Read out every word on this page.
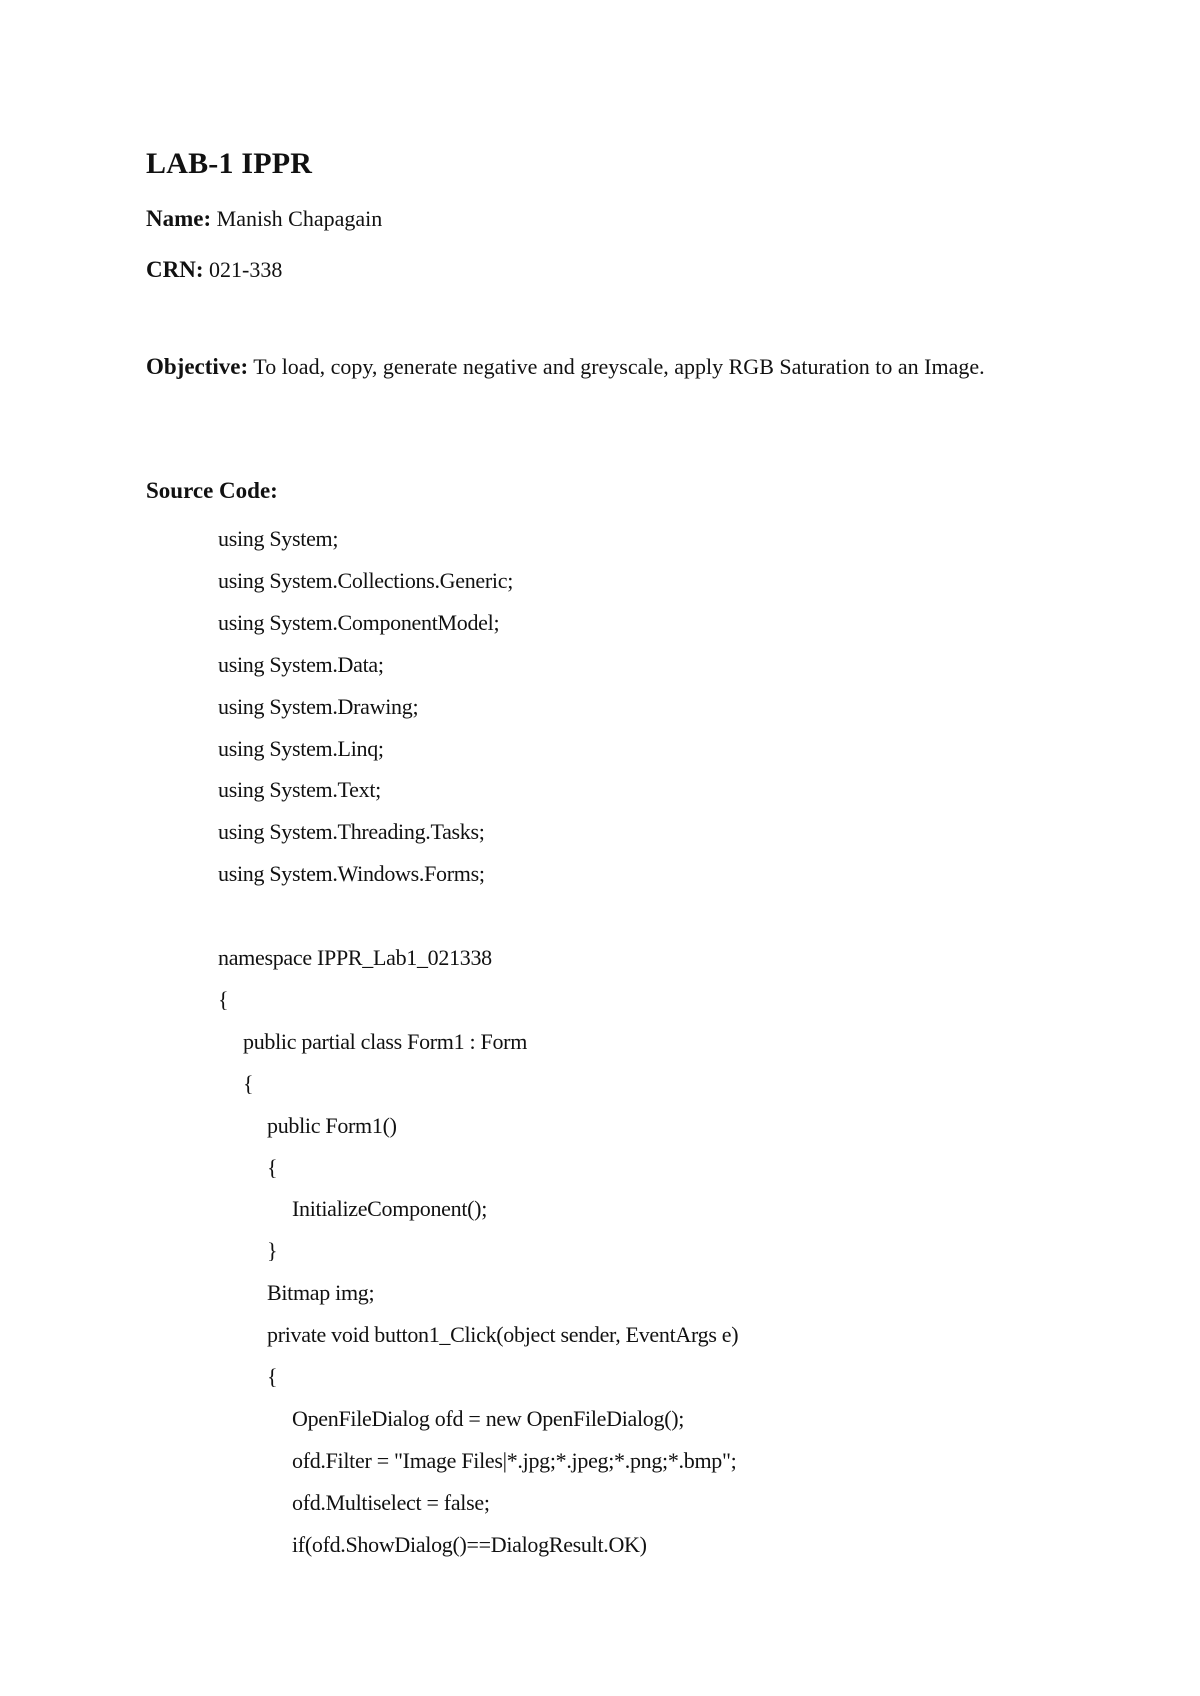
LAB-1 IPPR
Name: Manish Chapagain
CRN: 021-338
Objective: To load, copy, generate negative and greyscale, apply RGB Saturation to an Image.
Source Code:
using System;
using System.Collections.Generic;
using System.ComponentModel;
using System.Data;
using System.Drawing;
using System.Linq;
using System.Text;
using System.Threading.Tasks;
using System.Windows.Forms;
namespace IPPR_Lab1_021338
{
public partial class Form1 : Form
{
public Form1()
{
InitializeComponent();
}
Bitmap img;
private void button1_Click(object sender, EventArgs e)
{
OpenFileDialog ofd = new OpenFileDialog();
ofd.Filter = "Image Files|*.jpg;*.jpeg;*.png;*.bmp";
ofd.Multiselect = false;
if(ofd.ShowDialog()==DialogResult.OK)
